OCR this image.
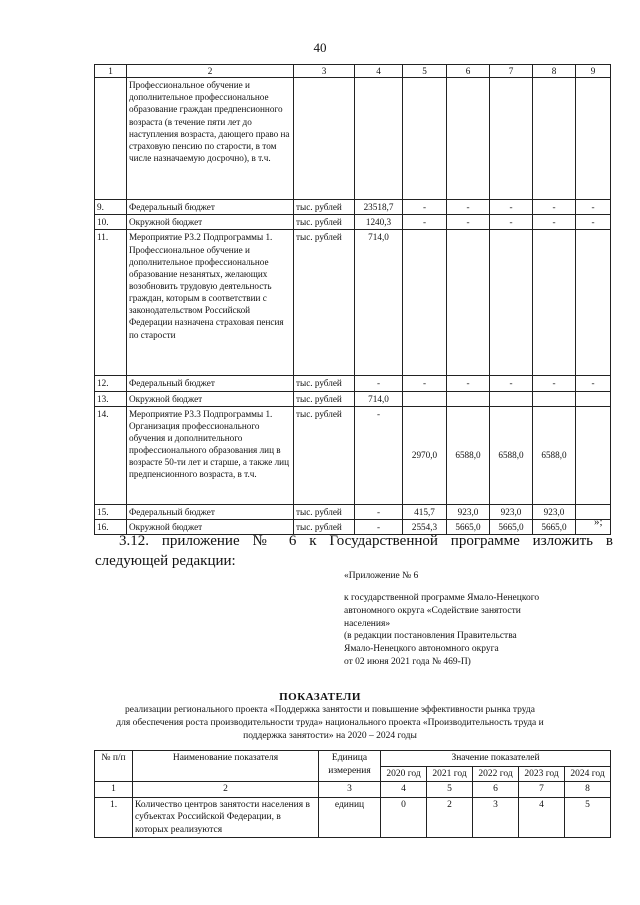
40
1	2	3	4	5	6	7	8	9
	Профессиональное обучение и дополнительное профессиональное образование граждан предпенсионного возраста (в течение пяти лет до наступления возраста, дающего право на страховую пенсию по старости, в том числе назначаемую досрочно), в т.ч.							
9.	Федеральный бюджет	тыс. рублей	23518,7	-	-	-	-	-
10.	Окружной бюджет	тыс. рублей	1240,3	-	-	-	-	-
11.	Мероприятие Р3.2 Подпрограммы 1. Профессиональное обучение и дополнительное профессиональное образование незанятых, желающих возобновить трудовую деятельность граждан, которым в соответствии с законодательством Российской Федерации назначена страховая пенсия по старости	тыс. рублей	714,0					
12.	Федеральный бюджет	тыс. рублей	-	-	-	-	-	-
13.	Окружной бюджет	тыс. рублей	714,0					
14.	Мероприятие Р3.3 Подпрограммы 1. Организация профессионального обучения и дополнительного профессионального образования лиц в возрасте 50-ти лет и старше, а также лиц предпенсионного возраста, в т.ч.	тыс. рублей	-	2970,0	6588,0	6588,0	6588,0	
15.	Федеральный бюджет	тыс. рублей	-	415,7	923,0	923,0	923,0	
16.	Окружной бюджет	тыс. рублей	-	2554,3	5665,0	5665,0	5665,0	»;
3.12. приложение № 6 к Государственной программе изложить в
следующей редакции:
«Приложение № 6
к государственной программе Ямало-Ненецкого
автономного округа «Содействие занятости
населения»
(в редакции постановления Правительства
Ямало-Ненецкого автономного округа
от 02 июня 2021 года № 469-П)
ПОКАЗАТЕЛИ
реализации регионального проекта «Поддержка занятости и повышение эффективности рынка труда
для обеспечения роста производительности труда» национального проекта «Производительность труда и
поддержка занятости» на 2020 – 2024 годы
№ п/п	Наименование показателя	Единица измерения	Значение показателей				
			2020 год	2021 год	2022 год	2023 год	2024 год
1	2	3	4	5	6	7	8
1.	Количество центров занятости населения в субъектах Российской Федерации, в которых реализуются	единиц	0	2	3	4	5
